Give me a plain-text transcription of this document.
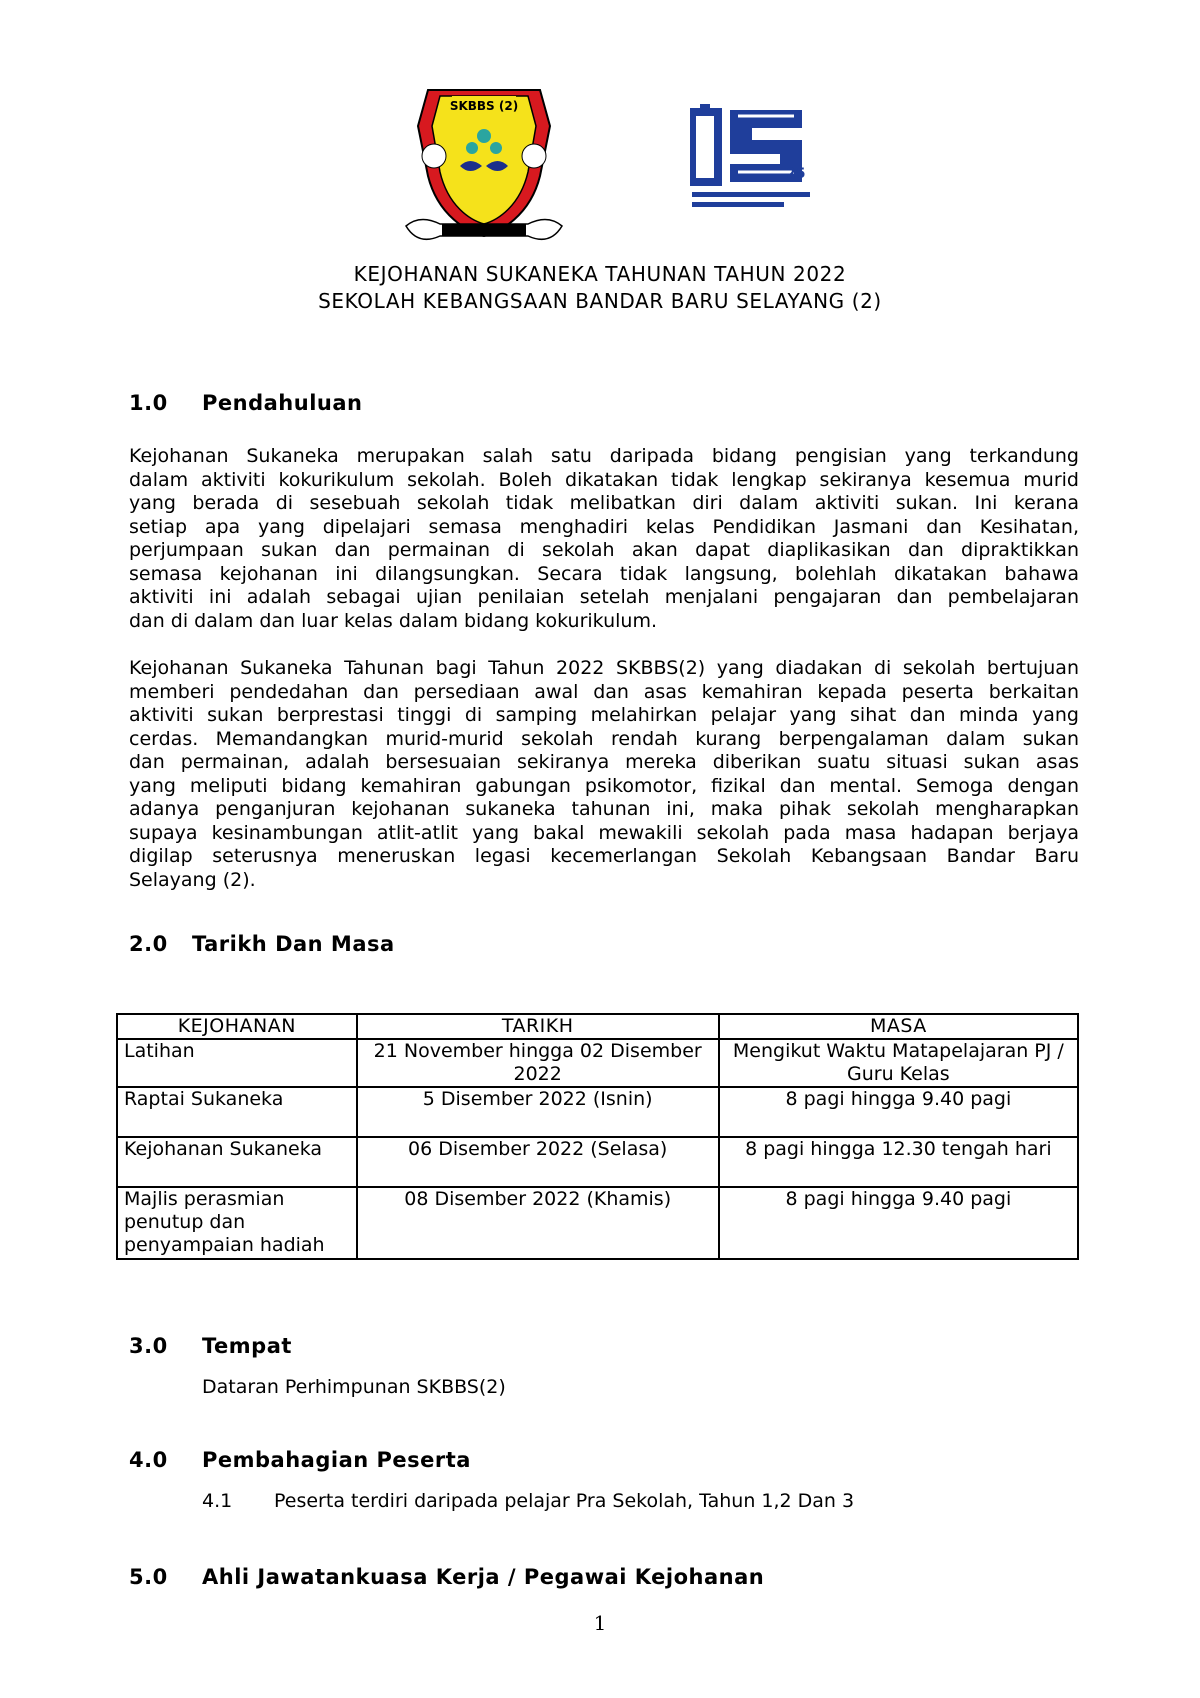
SKBBS (2)
25
KEJOHANAN SUKANEKA TAHUNAN TAHUN 2022
SEKOLAH KEBANGSAAN BANDAR BARU SELAYANG (2)
1.0 Pendahuluan
Kejohanan Sukaneka merupakan salah satu daripada bidang pengisian yang terkandung
dalam aktiviti kokurikulum sekolah. Boleh dikatakan tidak lengkap sekiranya kesemua murid
yang berada di sesebuah sekolah tidak melibatkan diri dalam aktiviti sukan. Ini kerana
setiap apa yang dipelajari semasa menghadiri kelas Pendidikan Jasmani dan Kesihatan,
perjumpaan sukan dan permainan di sekolah akan dapat diaplikasikan dan dipraktikkan
semasa kejohanan ini dilangsungkan. Secara tidak langsung, bolehlah dikatakan bahawa
aktiviti ini adalah sebagai ujian penilaian setelah menjalani pengajaran dan pembelajaran
dan di dalam dan luar kelas dalam bidang kokurikulum.
Kejohanan Sukaneka Tahunan bagi Tahun 2022 SKBBS(2) yang diadakan di sekolah bertujuan
memberi pendedahan dan persediaan awal dan asas kemahiran kepada peserta berkaitan
aktiviti sukan berprestasi tinggi di samping melahirkan pelajar yang sihat dan minda yang
cerdas. Memandangkan murid-murid sekolah rendah kurang berpengalaman dalam sukan
dan permainan, adalah bersesuaian sekiranya mereka diberikan suatu situasi sukan asas
yang meliputi bidang kemahiran gabungan psikomotor, fizikal dan mental. Semoga dengan
adanya penganjuran kejohanan sukaneka tahunan ini, maka pihak sekolah mengharapkan
supaya kesinambungan atlit-atlit yang bakal mewakili sekolah pada masa hadapan berjaya
digilap seterusnya meneruskan legasi kecemerlangan Sekolah Kebangsaan Bandar Baru
Selayang (2).
2.0 Tarikh Dan Masa
KEJOHANAN	TARIKH	MASA
Latihan	21 November hingga 02 Disember 2022	Mengikut Waktu Matapelajaran PJ / Guru Kelas
Raptai Sukaneka	5 Disember 2022 (Isnin)	8 pagi hingga 9.40 pagi
Kejohanan Sukaneka	06 Disember 2022 (Selasa)	8 pagi hingga 12.30 tengah hari
Majlis perasmian penutup dan penyampaian hadiah	08 Disember 2022 (Khamis)	8 pagi hingga 9.40 pagi
3.0 Tempat
Dataran Perhimpunan SKBBS(2)
4.0 Pembahagian Peserta
4.1 Peserta terdiri daripada pelajar Pra Sekolah, Tahun 1,2 Dan 3
5.0 Ahli Jawatankuasa Kerja / Pegawai Kejohanan
1
